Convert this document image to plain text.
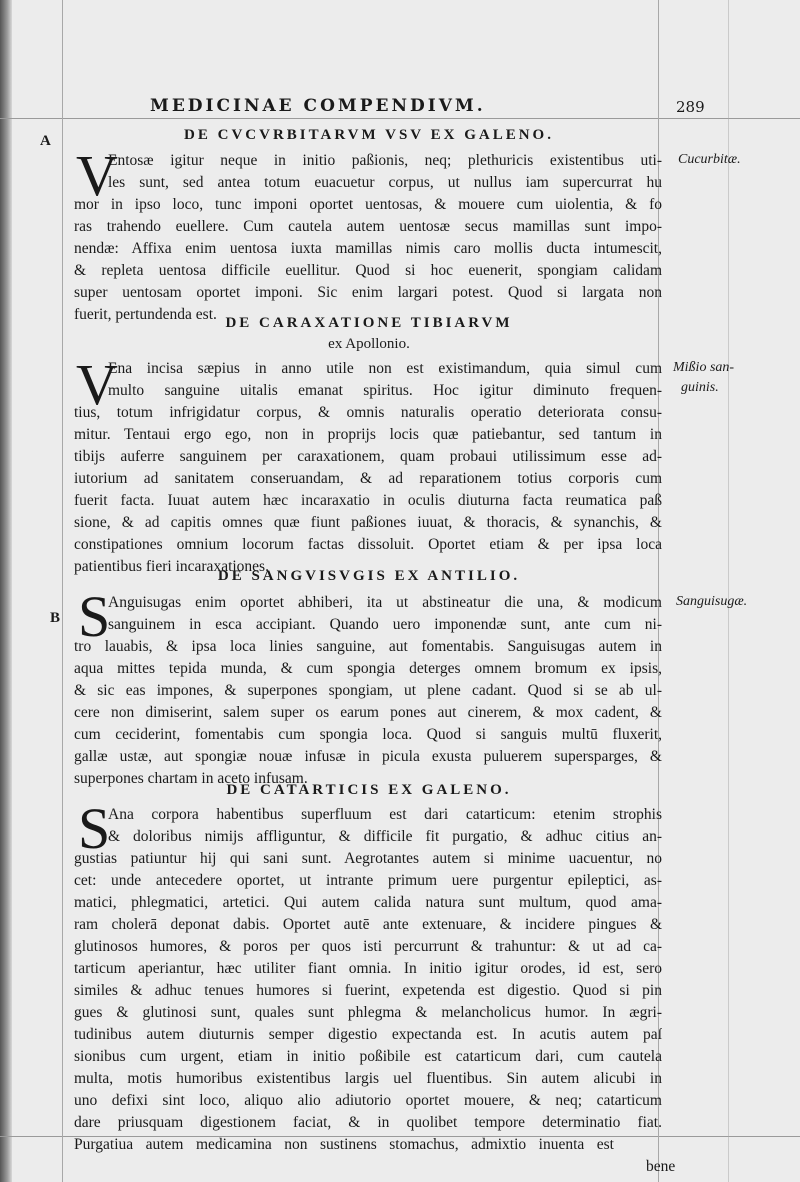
MEDICINAE COMPENDIVM.	289
A
B
DE CVCVRBITARVM VSV EX GALENO.
V
Entosæ igitur neque in initio paßionis, neq; plethuricis existentibus uti-
les sunt, sed antea totum euacuetur corpus, ut nullus iam supercurrat hu
mor in ipso loco, tunc imponi oportet uentosas, & mouere cum uiolentia, & fo
ras trahendo euellere. Cum cautela autem uentosæ secus mamillas sunt impo-
nendæ: Affixa enim uentosa iuxta mamillas nimis caro mollis ducta intumescit,
& repleta uentosa difficile euellitur. Quod si hoc euenerit, spongiam calidam
super uentosam oportet imponi. Sic enim largari potest. Quod si largata non
fuerit, pertundenda est. DE CARAXATIONE TIBIARVM
ex Apollonio.
V
Ena incisa sæpius in anno utile non est existimandum, quia simul cum
multo sanguine uitalis emanat spiritus. Hoc igitur diminuto frequen-
tius, totum infrigidatur corpus, & omnis naturalis operatio deteriorata consu-
mitur. Tentaui ergo ego, non in proprijs locis quæ patiebantur, sed tantum in
tibijs auferre sanguinem per caraxationem, quam probaui utilissimum esse ad-
iutorium ad sanitatem conseruandam, & ad reparationem totius corporis cum
fuerit facta. Iuuat autem hæc incaraxatio in oculis diuturna facta reumatica paß
sione, & ad capitis omnes quæ fiunt paßiones iuuat, & thoracis, & synanchis, &
constipationes omnium locorum factas dissoluit. Oportet etiam & per ipsa loca
patientibus fieri incaraxationes.
DE SANGVISVGIS EX ANTILIO.
S
Anguisugas enim oportet abhiberi, ita ut abstineatur die una, & modicum
sanguinem in esca accipiant. Quando uero imponendæ sunt, ante cum ni-
tro lauabis, & ipsa loca linies sanguine, aut fomentabis. Sanguisugas autem in
aqua mittes tepida munda, & cum spongia deterges omnem bromum ex ipsis,
& sic eas impones, & superpones spongiam, ut plene cadant. Quod si se ab ul-
cere non dimiserint, salem super os earum pones aut cinerem, & mox cadent, &
cum ceciderint, fomentabis cum spongia loca. Quod si sanguis multū fluxerit,
gallæ ustæ, aut spongiæ nouæ infusæ in picula exusta puluerem supersparges, &
superpones chartam in aceto infusam.
DE CATARTICIS EX GALENO.
S
Ana corpora habentibus superfluum est dari catarticum: etenim strophis
& doloribus nimijs affliguntur, & difficile fit purgatio, & adhuc citius an-
gustias patiuntur hij qui sani sunt. Aegrotantes autem si minime uacuentur, no
cet: unde antecedere oportet, ut intrante primum uere purgentur epileptici, as-
matici, phlegmatici, artetici. Qui autem calida natura sunt multum, quod ama-
ram cholerā deponat dabis. Oportet autē ante extenuare, & incidere pingues &
glutinosos humores, & poros per quos isti percurrunt & trahuntur: & ut ad ca-
tarticum aperiantur, hæc utiliter fiant omnia. In initio igitur orodes, id est, sero
similes & adhuc tenues humores si fuerint, expetenda est digestio. Quod si pin
gues & glutinosi sunt, quales sunt phlegma & melancholicus humor. In ægri-
tudinibus autem diuturnis semper digestio expectanda est. In acutis autem paſ
sionibus cum urgent, etiam in initio poßibile est catarticum dari, cum cautela
multa, motis humoribus existentibus largis uel fluentibus. Sin autem alicubi in
uno defixi sint loco, aliquo alio adiutorio oportet mouere, & neq; catarticum
dare priusquam digestionem faciat, & in quolibet tempore determinatio fiat.
Purgatiua autem medicamina non sustinens stomachus, admixtio inuenta est
bene
Cucurbitæ.
Mißio san-
guinis.
Sanguisugæ.
